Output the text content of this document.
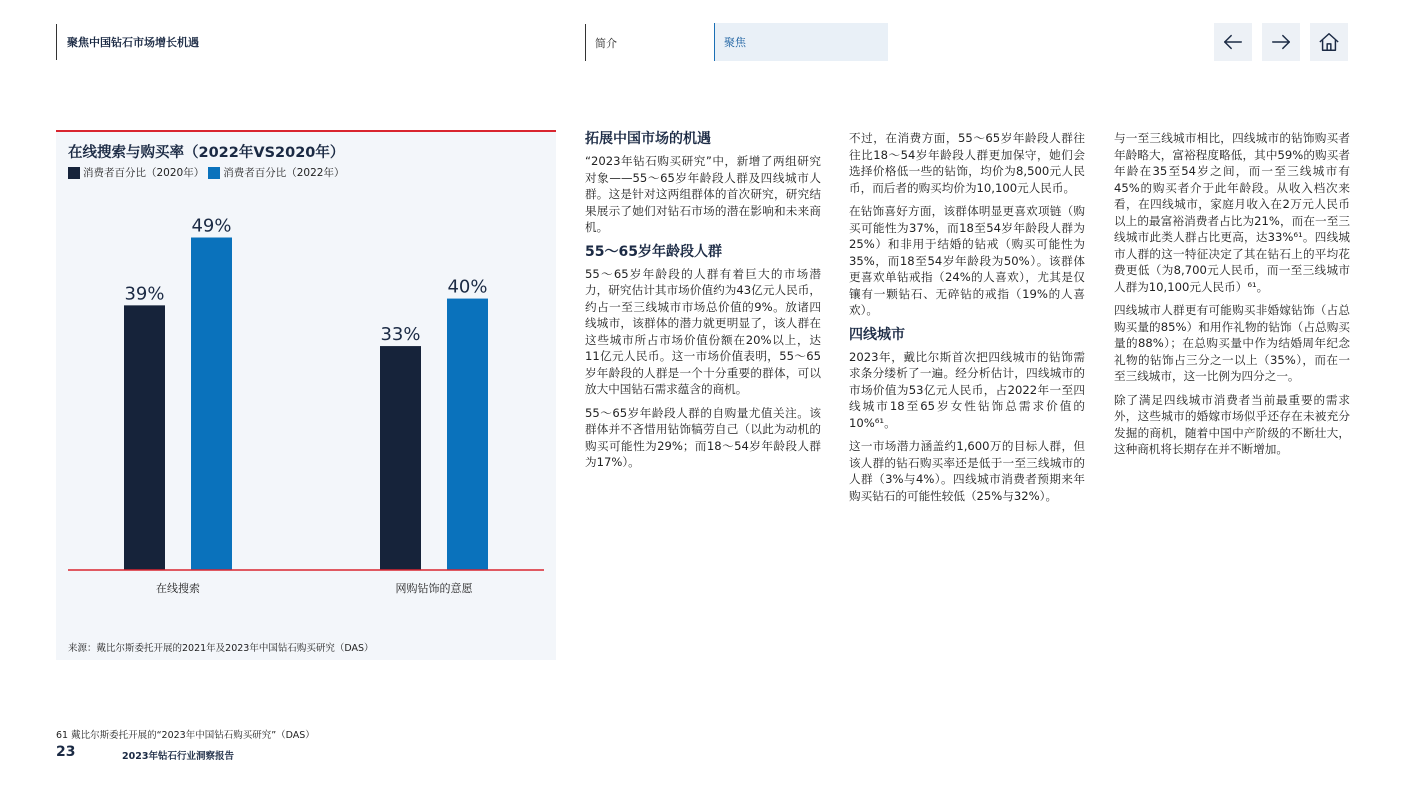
聚焦中国钻石市场增长机遇	简介	聚焦
39%
49%
在线搜索
33%
40%
网购钻饰的意愿
在线搜索与购买率（2022年VS2020年）
消费者百分比（2020年） 消费者百分比（2022年）
来源：戴比尔斯委托开展的2021年及2023年中国钻石购买研究（DAS）
拓展中国市场的机遇

“2023年钻石购买研究”中，新增了两组研究对象——55～65岁年龄段人群及四线城市人群。这是针对这两组群体的首次研究，研究结果展示了她们对钻石市场的潜在影响和未来商机。

55～65岁年龄段人群

55～65岁年龄段的人群有着巨大的市场潜力，研究估计其市场价值约为43亿元人民币，约占一至三线城市市场总价值的9%。放诸四线城市，该群体的潜力就更明显了，该人群在这些城市所占市场价值份额在20%以上，达11亿元人民币。这一市场价值表明，55～65岁年龄段的人群是一个十分重要的群体，可以放大中国钻石需求蕴含的商机。

55～65岁年龄段人群的自购量尤值关注。该群体并不吝惜用钻饰犒劳自己（以此为动机的购买可能性为29%；而18～54岁年龄段人群为17%）。

不过，在消费方面，55～65岁年龄段人群往往比18～54岁年龄段人群更加保守，她们会选择价格低一些的钻饰，均价为8,500元人民币，而后者的购买均价为10,100元人民币。

在钻饰喜好方面，该群体明显更喜欢项链（购买可能性为37%，而18至54岁年龄段人群为25%）和非用于结婚的钻戒（购买可能性为35%，而18至54岁年龄段为50%）。该群体更喜欢单钻戒指（24%的人喜欢），尤其是仅镶有一颗钻石、无碎钻的戒指（19%的人喜欢）。

四线城市

2023年，戴比尔斯首次把四线城市的钻饰需求条分缕析了一遍。经分析估计，四线城市的市场价值为53亿元人民币，占2022年一至四线城市18至65岁女性钻饰总需求价值的10%⁶¹。

这一市场潜力涵盖约1,600万的目标人群，但该人群的钻石购买率还是低于一至三线城市的人群（3%与4%）。四线城市消费者预期来年购买钻石的可能性较低（25%与32%）。

与一至三线城市相比，四线城市的钻饰购买者年龄略大，富裕程度略低，其中59%的购买者年龄在35至54岁之间，而一至三线城市有45%的购买者介于此年龄段。从收入档次来看，在四线城市，家庭月收入在2万元人民币以上的最富裕消费者占比为21%，而在一至三线城市此类人群占比更高，达33%⁶¹。四线城市人群的这一特征决定了其在钻石上的平均花费更低（为8,700元人民币，而一至三线城市人群为10,100元人民币）⁶¹。

四线城市人群更有可能购买非婚嫁钻饰（占总购买量的85%）和用作礼物的钻饰（占总购买量的88%）；在总购买量中作为结婚周年纪念礼物的钻饰占三分之一以上（35%），而在一至三线城市，这一比例为四分之一。

除了满足四线城市消费者当前最重要的需求外，这些城市的婚嫁市场似乎还存在未被充分发掘的商机，随着中国中产阶级的不断壮大，这种商机将长期存在并不断增加。

61 戴比尔斯委托开展的“2023年中国钻石购买研究”（DAS）
23	2023年钻石行业洞察报告
